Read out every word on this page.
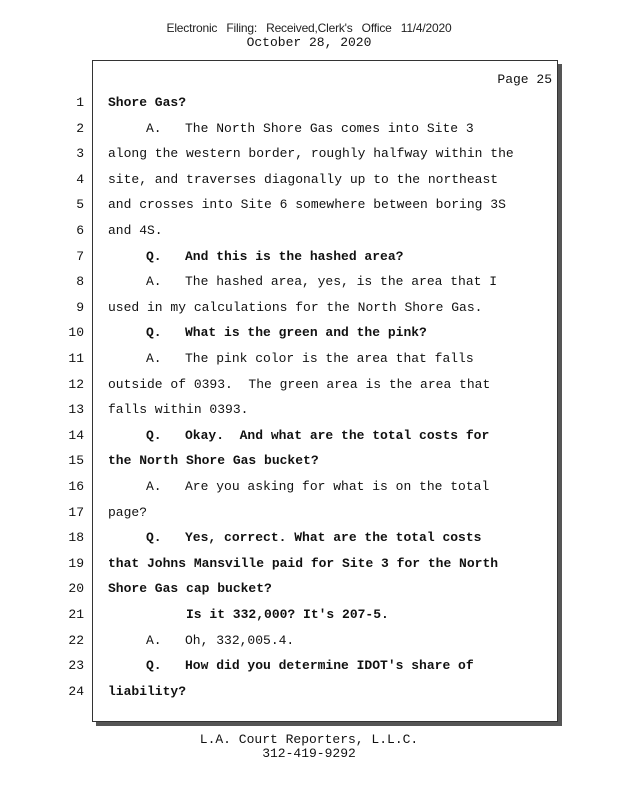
Electronic Filing: Received,Clerk's Office 11/4/2020
October 28, 2020
Page 25
1 Shore Gas?
2	A.   The North Shore Gas comes into Site 3
3 along the western border, roughly halfway within the
4 site, and traverses diagonally up to the northeast
5 and crosses into Site 6 somewhere between boring 3S
6 and 4S.
7	Q.   And this is the hashed area?
8	A.   The hashed area, yes, is the area that I
9 used in my calculations for the North Shore Gas.
10	Q.   What is the green and the pink?
11	A.   The pink color is the area that falls
12 outside of 0393.  The green area is the area that
13 falls within 0393.
14	Q.   Okay.  And what are the total costs for
15 the North Shore Gas bucket?
16	A.   Are you asking for what is on the total
17 page?
18	Q.   Yes, correct. What are the total costs
19 that Johns Mansville paid for Site 3 for the North
20 Shore Gas cap bucket?
21	Is it 332,000? It's 207-5.
22	A.   Oh, 332,005.4.
23	Q.   How did you determine IDOT's share of
24 liability?
L.A. Court Reporters, L.L.C.
312-419-9292
